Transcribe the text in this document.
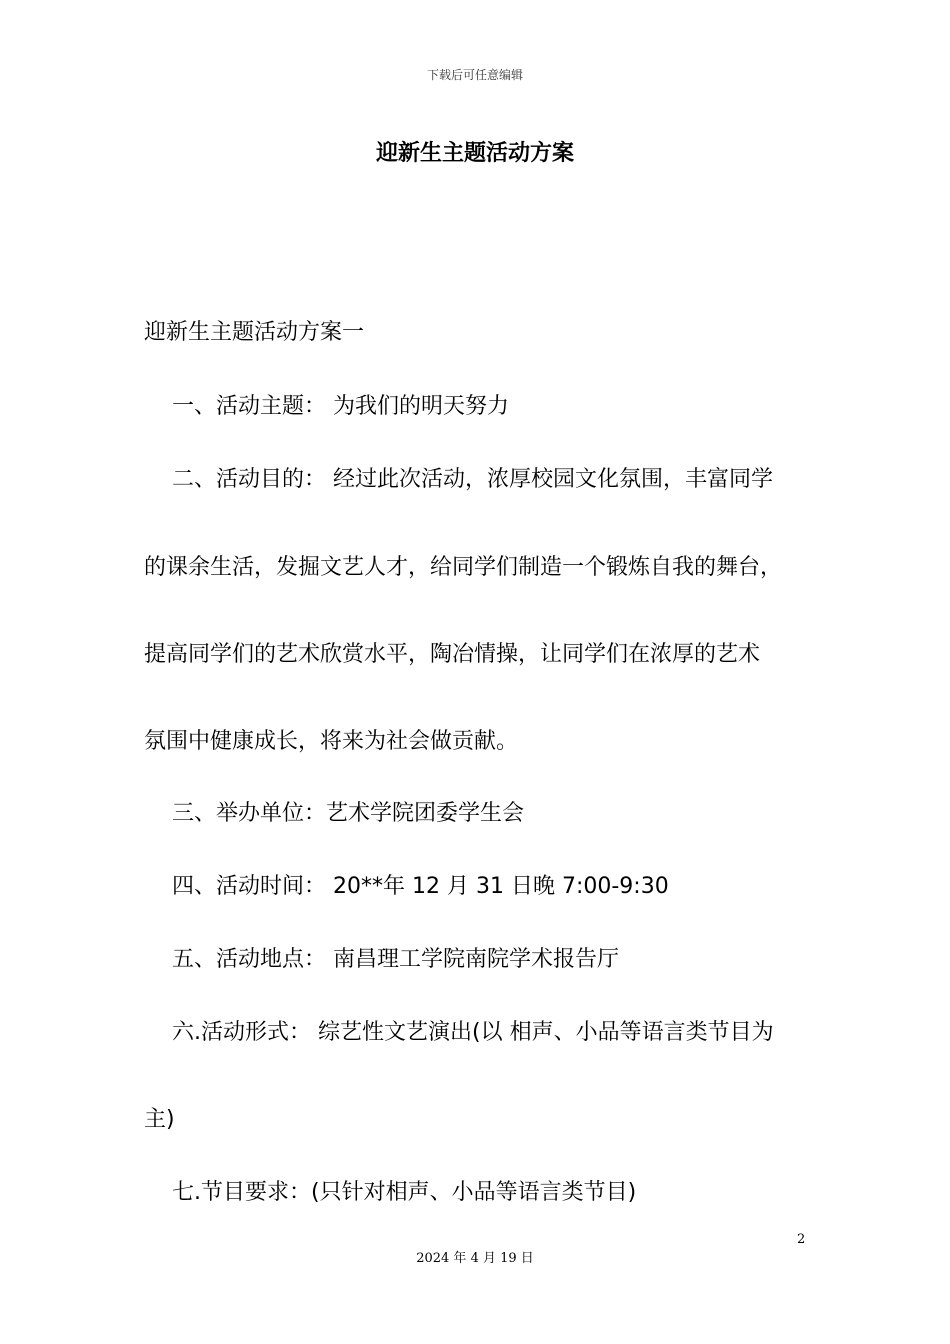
下载后可任意编辑
迎新生主题活动方案

迎新生主题活动方案一

一、活动主题： 为我们的明天努力

二、活动目的： 经过此次活动，浓厚校园文化氛围，丰富同学

的课余生活，发掘文艺人才，给同学们制造一个锻炼自我的舞台，

提高同学们的艺术欣赏水平，陶冶情操，让同学们在浓厚的艺术

氛围中健康成长，将来为社会做贡献。

三、举办单位：艺术学院团委学生会

四、活动时间： 20**年 12 月 31 日晚 7:00-9:30

五、活动地点： 南昌理工学院南院学术报告厅

六.活动形式： 综艺性文艺演出(以 相声、小品等语言类节目为

主)

七.节目要求：(只针对相声、小品等语言类节目)

2
2024 年 4 月 19 日
